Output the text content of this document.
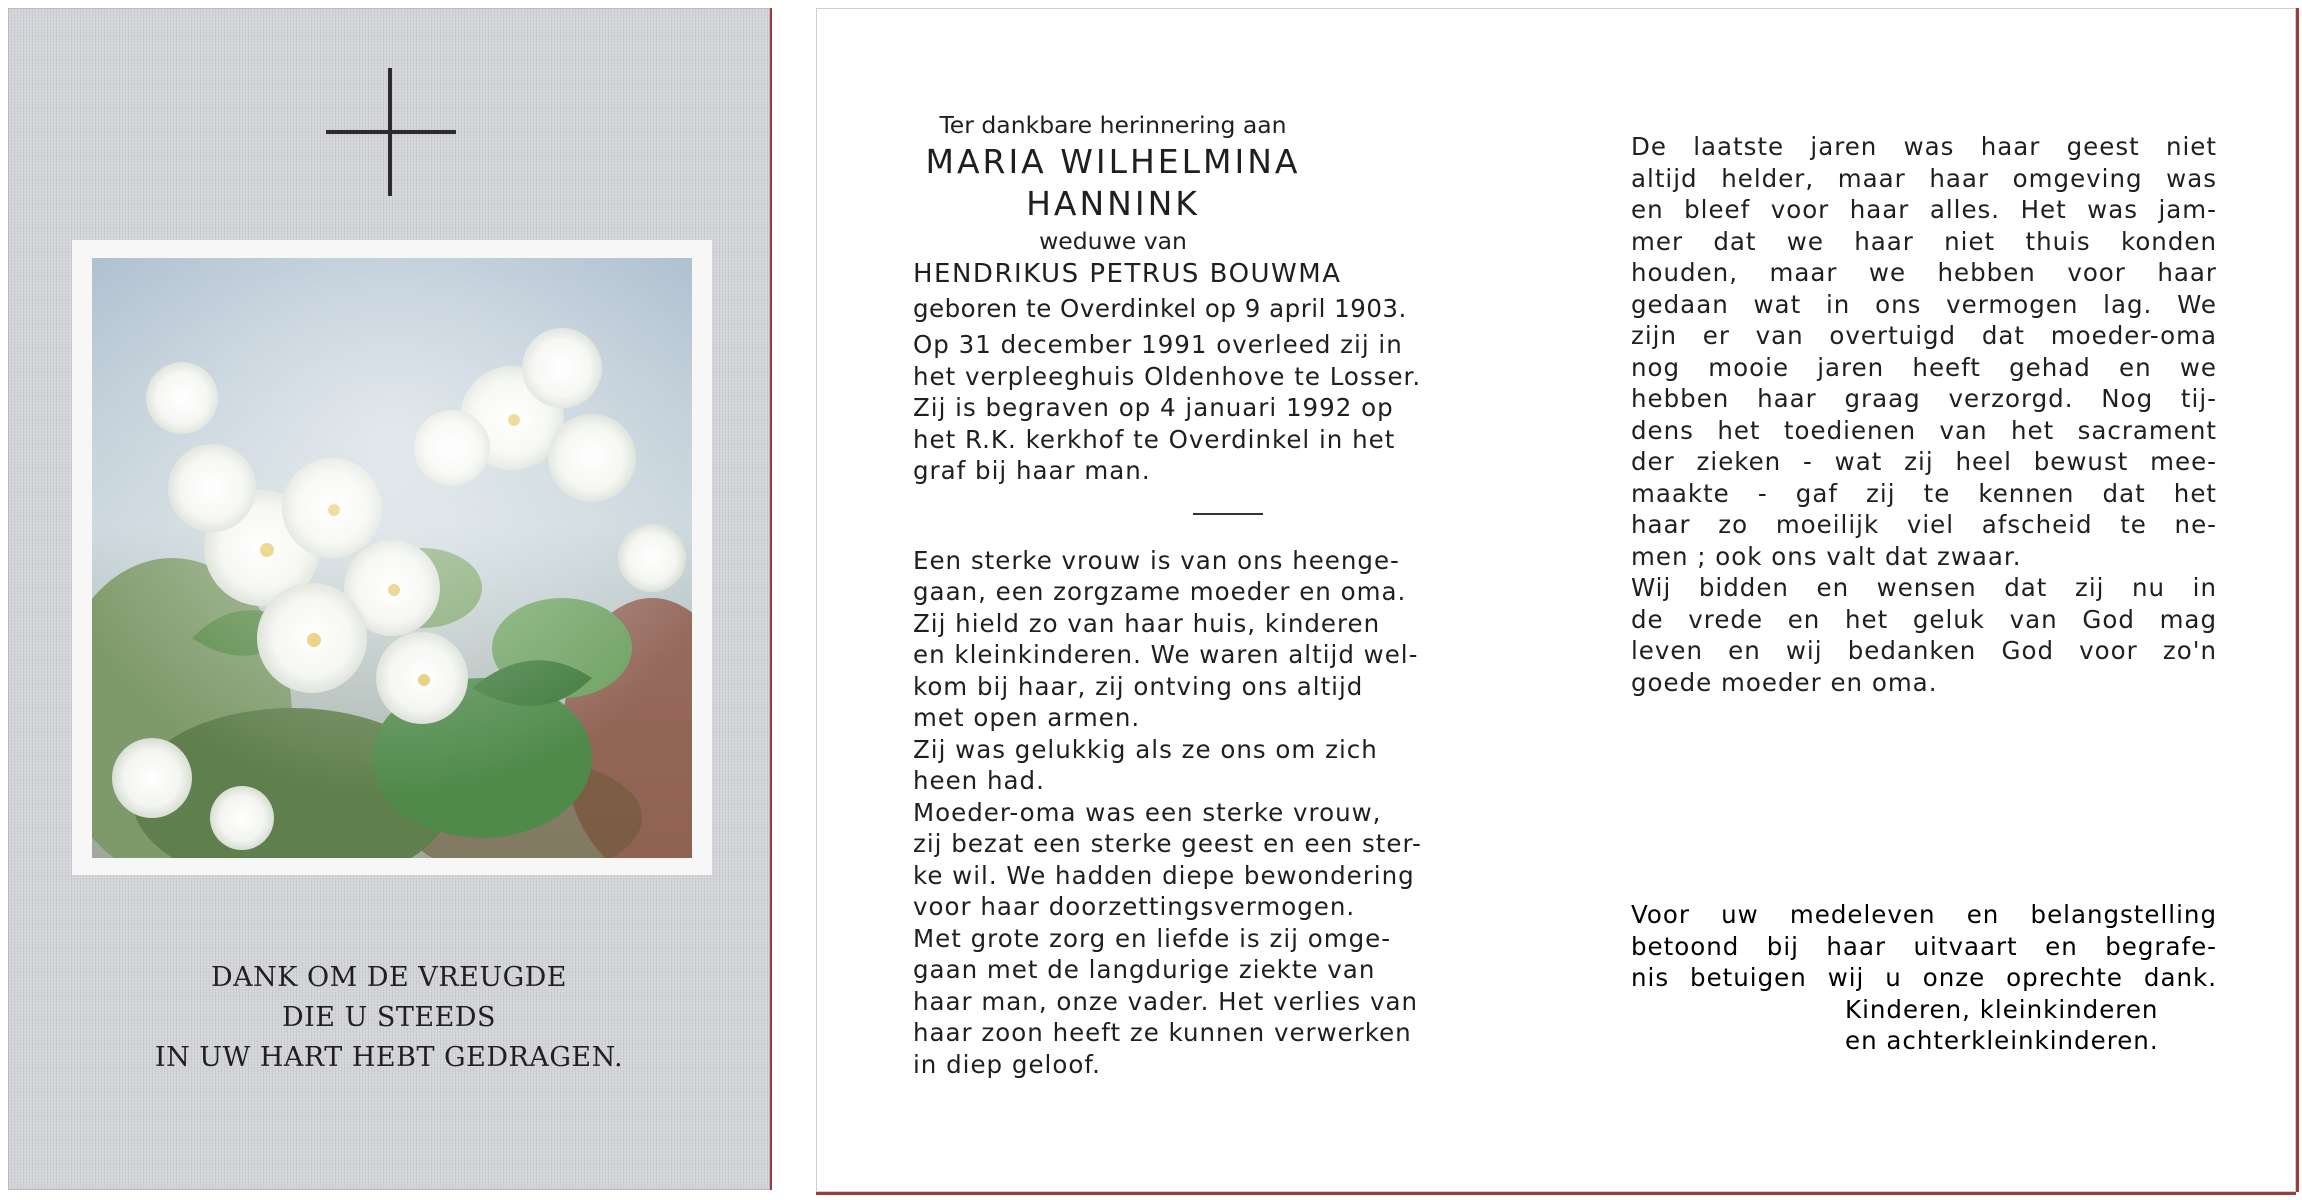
DANK OM DE VREUGDE
DIE U STEEDS
IN UW HART HEBT GEDRAGEN.
Ter dankbare herinnering aan
MARIA WILHELMINA
HANNINK
weduwe van
HENDRIKUS PETRUS BOUWMA
geboren te Overdinkel op 9 april 1903.
Op 31 december 1991 overleed zij in
het verpleeghuis Oldenhove te Losser.
Zij is begraven op 4 januari 1992 op
het R.K. kerkhof te Overdinkel in het
graf bij haar man.
Een sterke vrouw is van ons heenge-
gaan, een zorgzame moeder en oma.
Zij hield zo van haar huis, kinderen
en kleinkinderen. We waren altijd wel-
kom bij haar, zij ontving ons altijd
met open armen.
Zij was gelukkig als ze ons om zich
heen had.
Moeder-oma was een sterke vrouw,
zij bezat een sterke geest en een ster-
ke wil. We hadden diepe bewondering
voor haar doorzettingsvermogen.
Met grote zorg en liefde is zij omge-
gaan met de langdurige ziekte van
haar man, onze vader. Het verlies van
haar zoon heeft ze kunnen verwerken
in diep geloof.
De laatste jaren was haar geest niet
altijd helder, maar haar omgeving was
en bleef voor haar alles. Het was jam-
mer dat we haar niet thuis konden
houden, maar we hebben voor haar
gedaan wat in ons vermogen lag. We
zijn er van overtuigd dat moeder-oma
nog mooie jaren heeft gehad en we
hebben haar graag verzorgd. Nog tij-
dens het toedienen van het sacrament
der zieken - wat zij heel bewust mee-
maakte - gaf zij te kennen dat het
haar zo moeilijk viel afscheid te ne-
men ; ook ons valt dat zwaar.
Wij bidden en wensen dat zij nu in
de vrede en het geluk van God mag
leven en wij bedanken God voor zo'n
goede moeder en oma.
Voor uw medeleven en belangstelling
betoond bij haar uitvaart en begrafe-
nis betuigen wij u onze oprechte dank.
Kinderen, kleinkinderen
en achterkleinkinderen.
